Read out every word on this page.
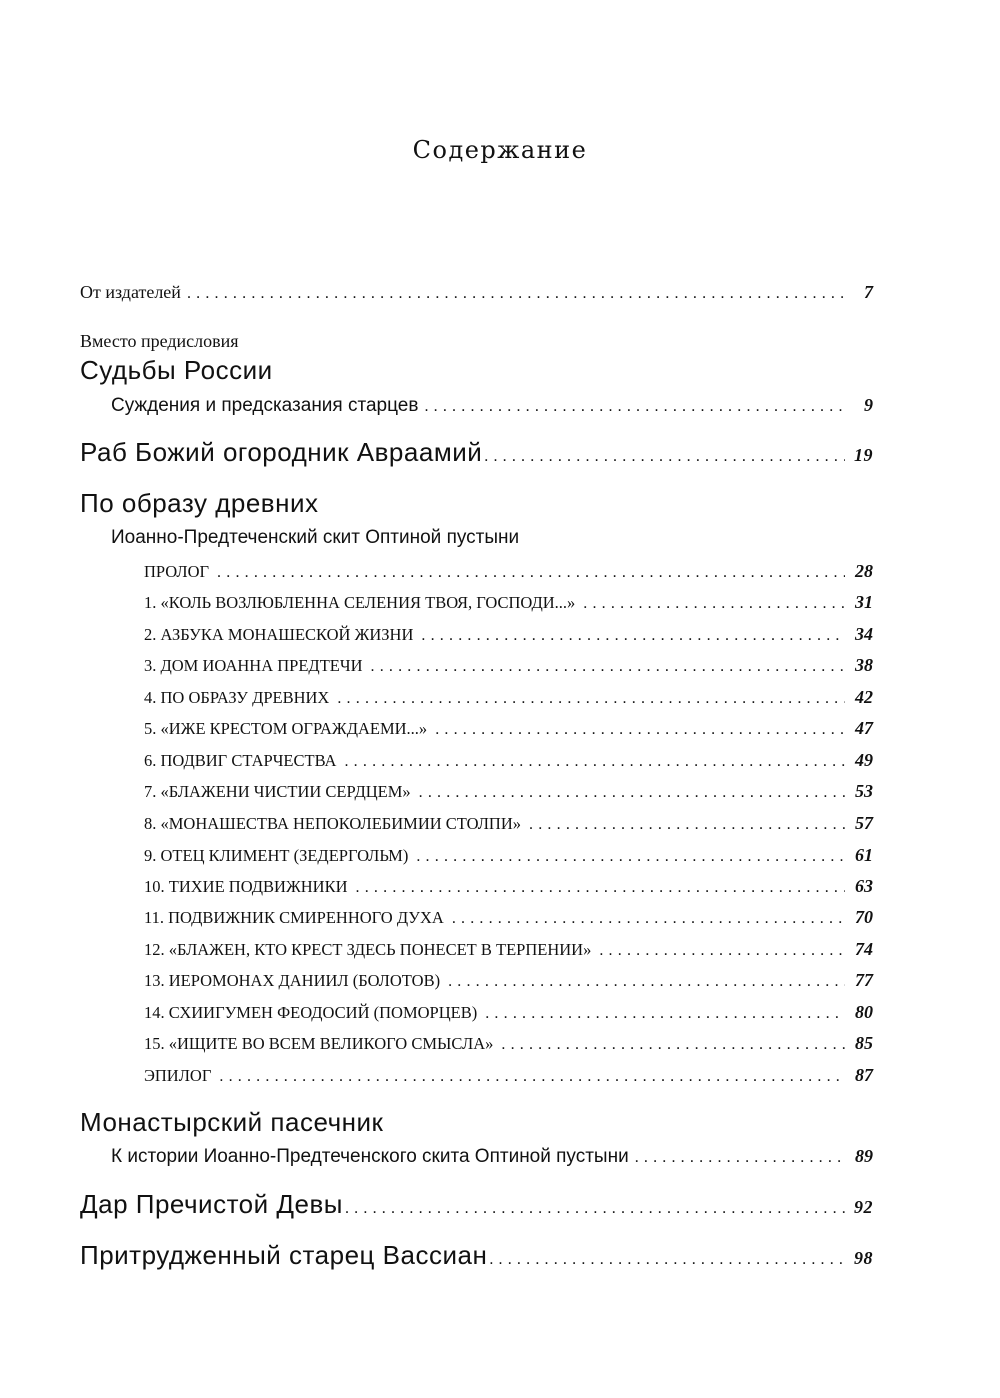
Содержание
От издателей . . .	7
Вместо предисловия
Судьбы России
Суждения и предсказания старцев . . .	9
Раб Божий огородник Авраамий . . .	19
По образу древних
Иоанно-Предтеченский скит Оптиной пустыни
ПРОЛОГ . . .	28
1. «КОЛЬ ВОЗЛЮБЛЕННА СЕЛЕНИЯ ТВОЯ, ГОСПОДИ...» . . .	31
2. АЗБУКА МОНАШЕСКОЙ ЖИЗНИ . . .	34
3. ДОМ ИОАННА ПРЕДТЕЧИ . . .	38
4. ПО ОБРАЗУ ДРЕВНИХ . . .	42
5. «ИЖЕ КРЕСТОМ ОГРАЖДАЕМИ...» . . .	47
6. ПОДВИГ СТАРЧЕСТВА . . .	49
7. «БЛАЖЕНИ ЧИСТИИ СЕРДЦЕМ» . . .	53
8. «МОНАШЕСТВА НЕПОКОЛЕБИМИИ СТОЛПИ» . . .	57
9. ОТЕЦ КЛИМЕНТ (ЗЕДЕРГОЛЬМ) . . .	61
10. ТИХИЕ ПОДВИЖНИКИ . . .	63
11. ПОДВИЖНИК СМИРЕННОГО ДУХА . . .	70
12. «БЛАЖЕН, КТО КРЕСТ ЗДЕСЬ ПОНЕСЕТ В ТЕРПЕНИИ» . . .	74
13. ИЕРОМОНАХ ДАНИИЛ (БОЛОТОВ) . . .	77
14. СХИИГУМЕН ФЕОДОСИЙ (ПОМОРЦЕВ) . . .	80
15. «ИЩИТЕ ВО ВСЕМ ВЕЛИКОГО СМЫСЛА» . . .	85
ЭПИЛОГ . . .	87
Монастырский пасечник
К истории Иоанно-Предтеченского скита Оптиной пустыни . . .	89
Дар Пречистой Девы . . .	92
Притрудженный старец Вассиан . . .	98
